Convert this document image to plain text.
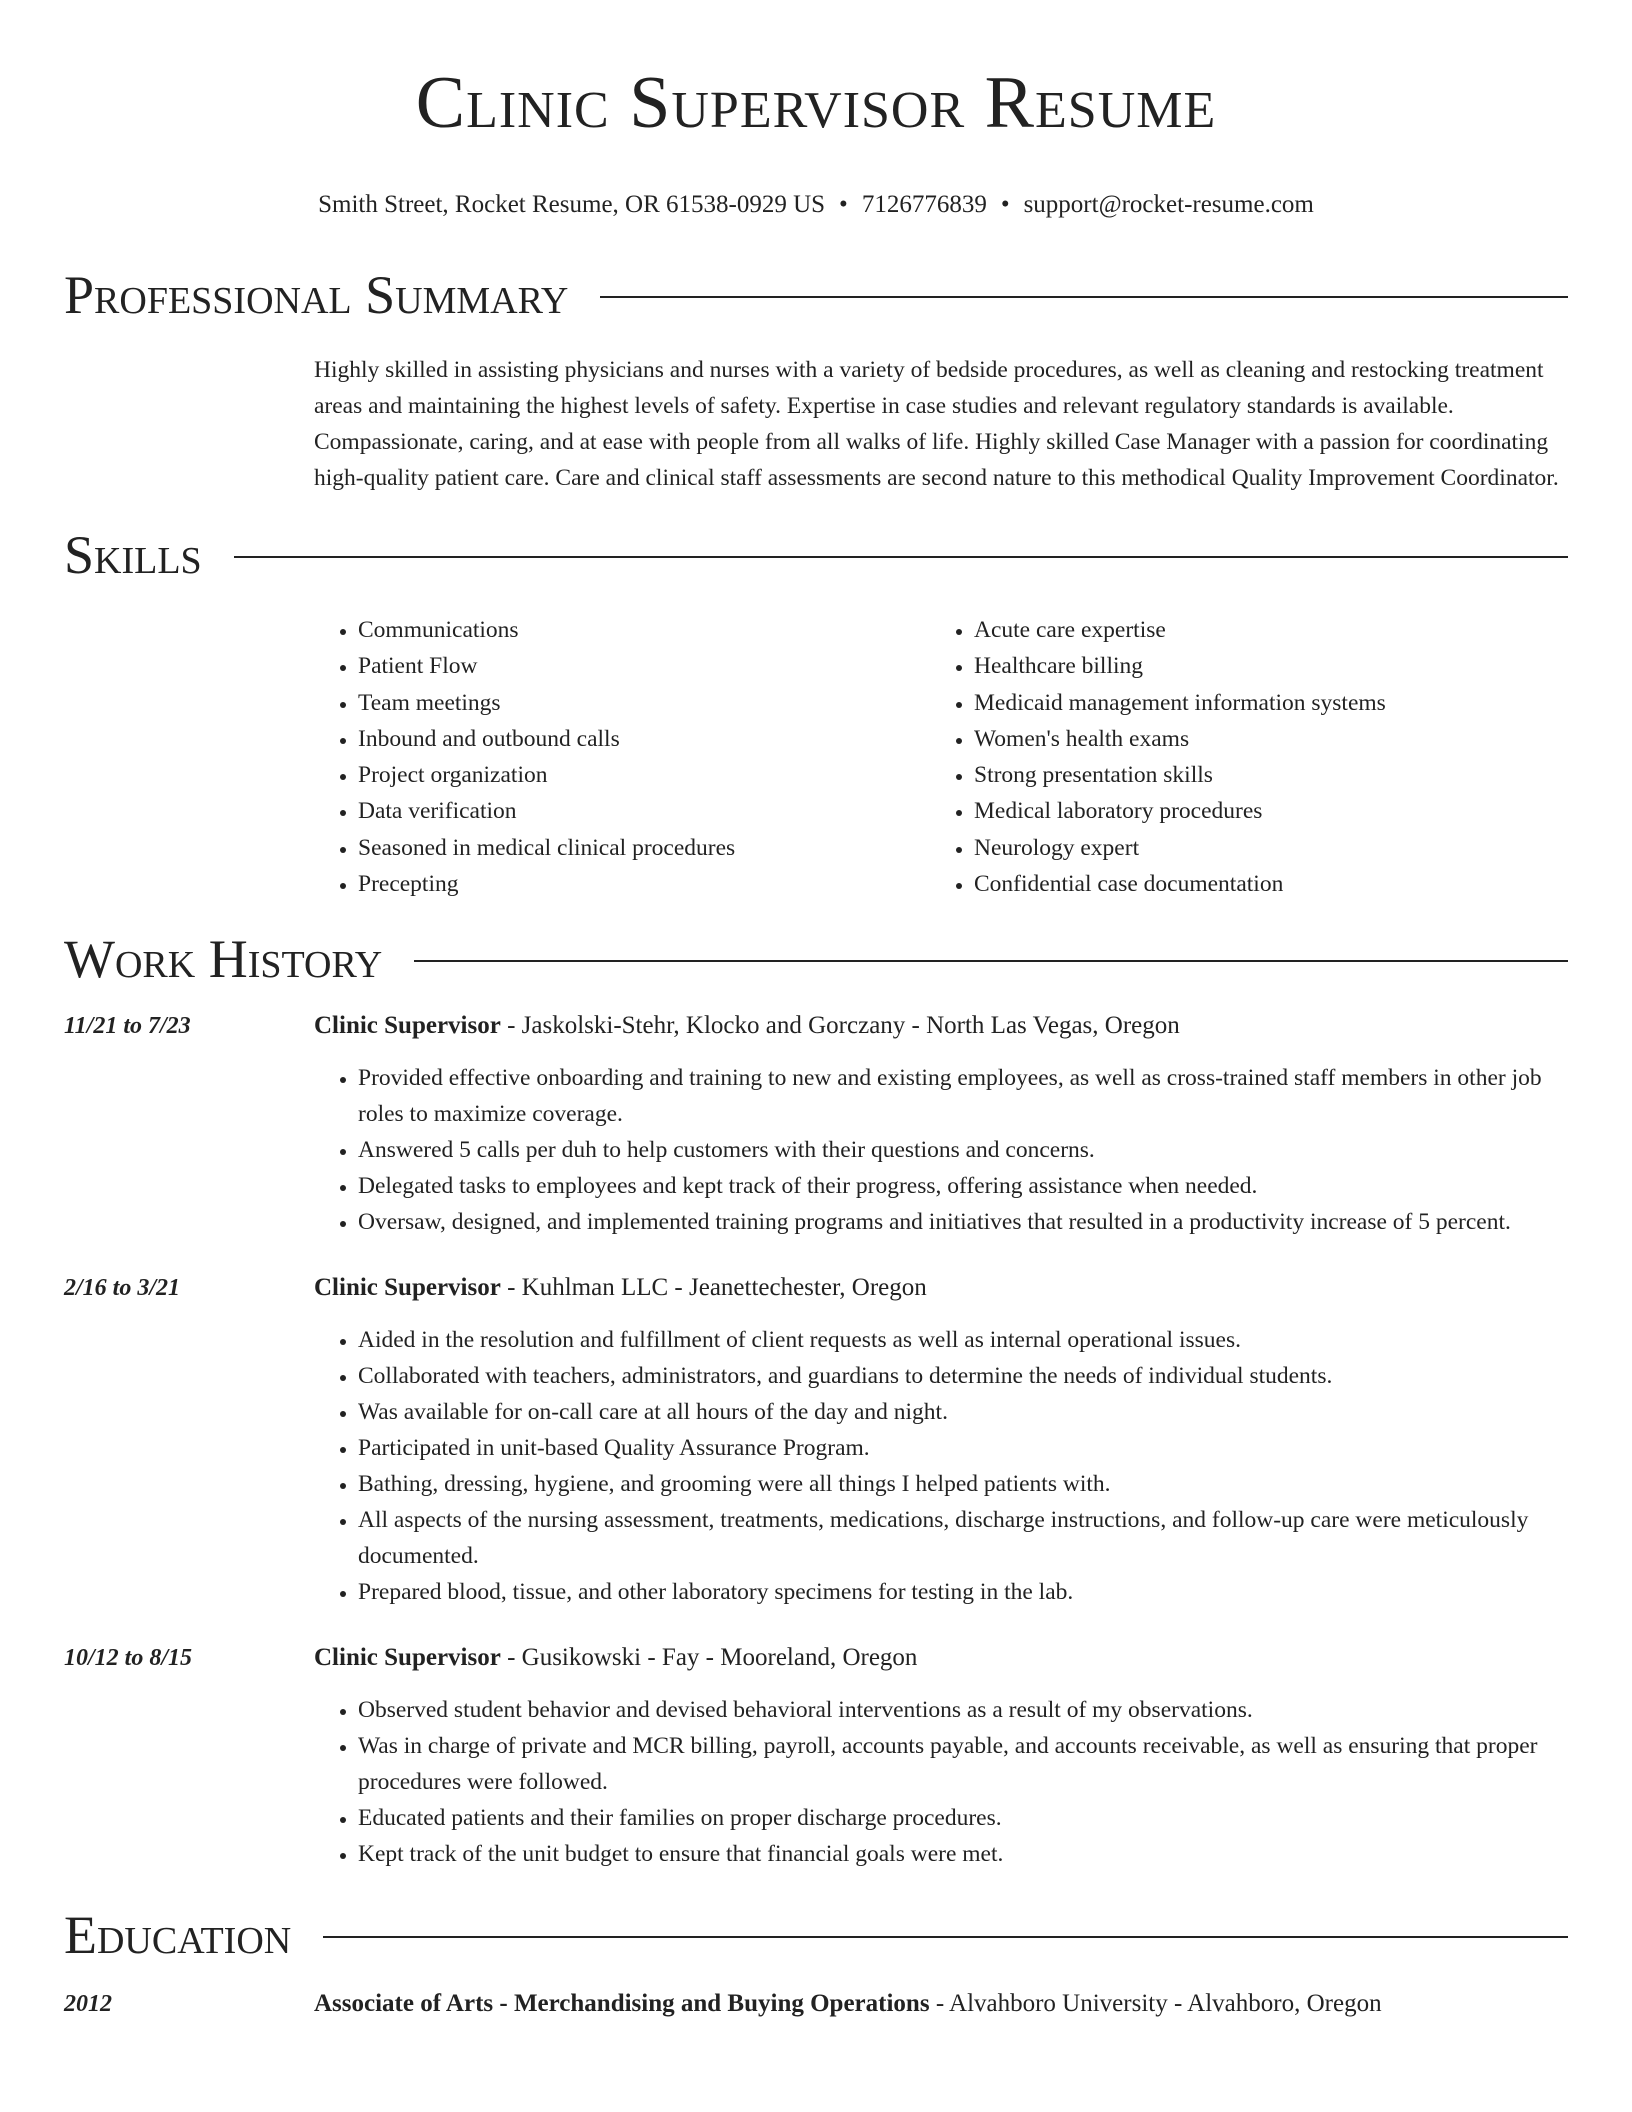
Clinic Supervisor Resume
Smith Street, Rocket Resume, OR 61538-0929 US • 7126776839 • support@rocket-resume.com
Professional Summary
Highly skilled in assisting physicians and nurses with a variety of bedside procedures, as well as cleaning and restocking treatment areas and maintaining the highest levels of safety. Expertise in case studies and relevant regulatory standards is available. Compassionate, caring, and at ease with people from all walks of life. Highly skilled Case Manager with a passion for coordinating high-quality patient care. Care and clinical staff assessments are second nature to this methodical Quality Improvement Coordinator.
Skills
• Communications
• Patient Flow
• Team meetings
• Inbound and outbound calls
• Project organization
• Data verification
• Seasoned in medical clinical procedures
• Precepting
• Acute care expertise
• Healthcare billing
• Medicaid management information systems
• Women's health exams
• Strong presentation skills
• Medical laboratory procedures
• Neurology expert
• Confidential case documentation
Work History
11/21 to 7/23	Clinic Supervisor - Jaskolski-Stehr, Klocko and Gorczany - North Las Vegas, Oregon
• Provided effective onboarding and training to new and existing employees, as well as cross-trained staff members in other job roles to maximize coverage.
• Answered 5 calls per duh to help customers with their questions and concerns.
• Delegated tasks to employees and kept track of their progress, offering assistance when needed.
• Oversaw, designed, and implemented training programs and initiatives that resulted in a productivity increase of 5 percent.
2/16 to 3/21	Clinic Supervisor - Kuhlman LLC - Jeanettechester, Oregon
• Aided in the resolution and fulfillment of client requests as well as internal operational issues.
• Collaborated with teachers, administrators, and guardians to determine the needs of individual students.
• Was available for on-call care at all hours of the day and night.
• Participated in unit-based Quality Assurance Program.
• Bathing, dressing, hygiene, and grooming were all things I helped patients with.
• All aspects of the nursing assessment, treatments, medications, discharge instructions, and follow-up care were meticulously documented.
• Prepared blood, tissue, and other laboratory specimens for testing in the lab.
10/12 to 8/15	Clinic Supervisor - Gusikowski - Fay - Mooreland, Oregon
• Observed student behavior and devised behavioral interventions as a result of my observations.
• Was in charge of private and MCR billing, payroll, accounts payable, and accounts receivable, as well as ensuring that proper procedures were followed.
• Educated patients and their families on proper discharge procedures.
• Kept track of the unit budget to ensure that financial goals were met.
Education
2012	Associate of Arts - Merchandising and Buying Operations - Alvahboro University - Alvahboro, Oregon
